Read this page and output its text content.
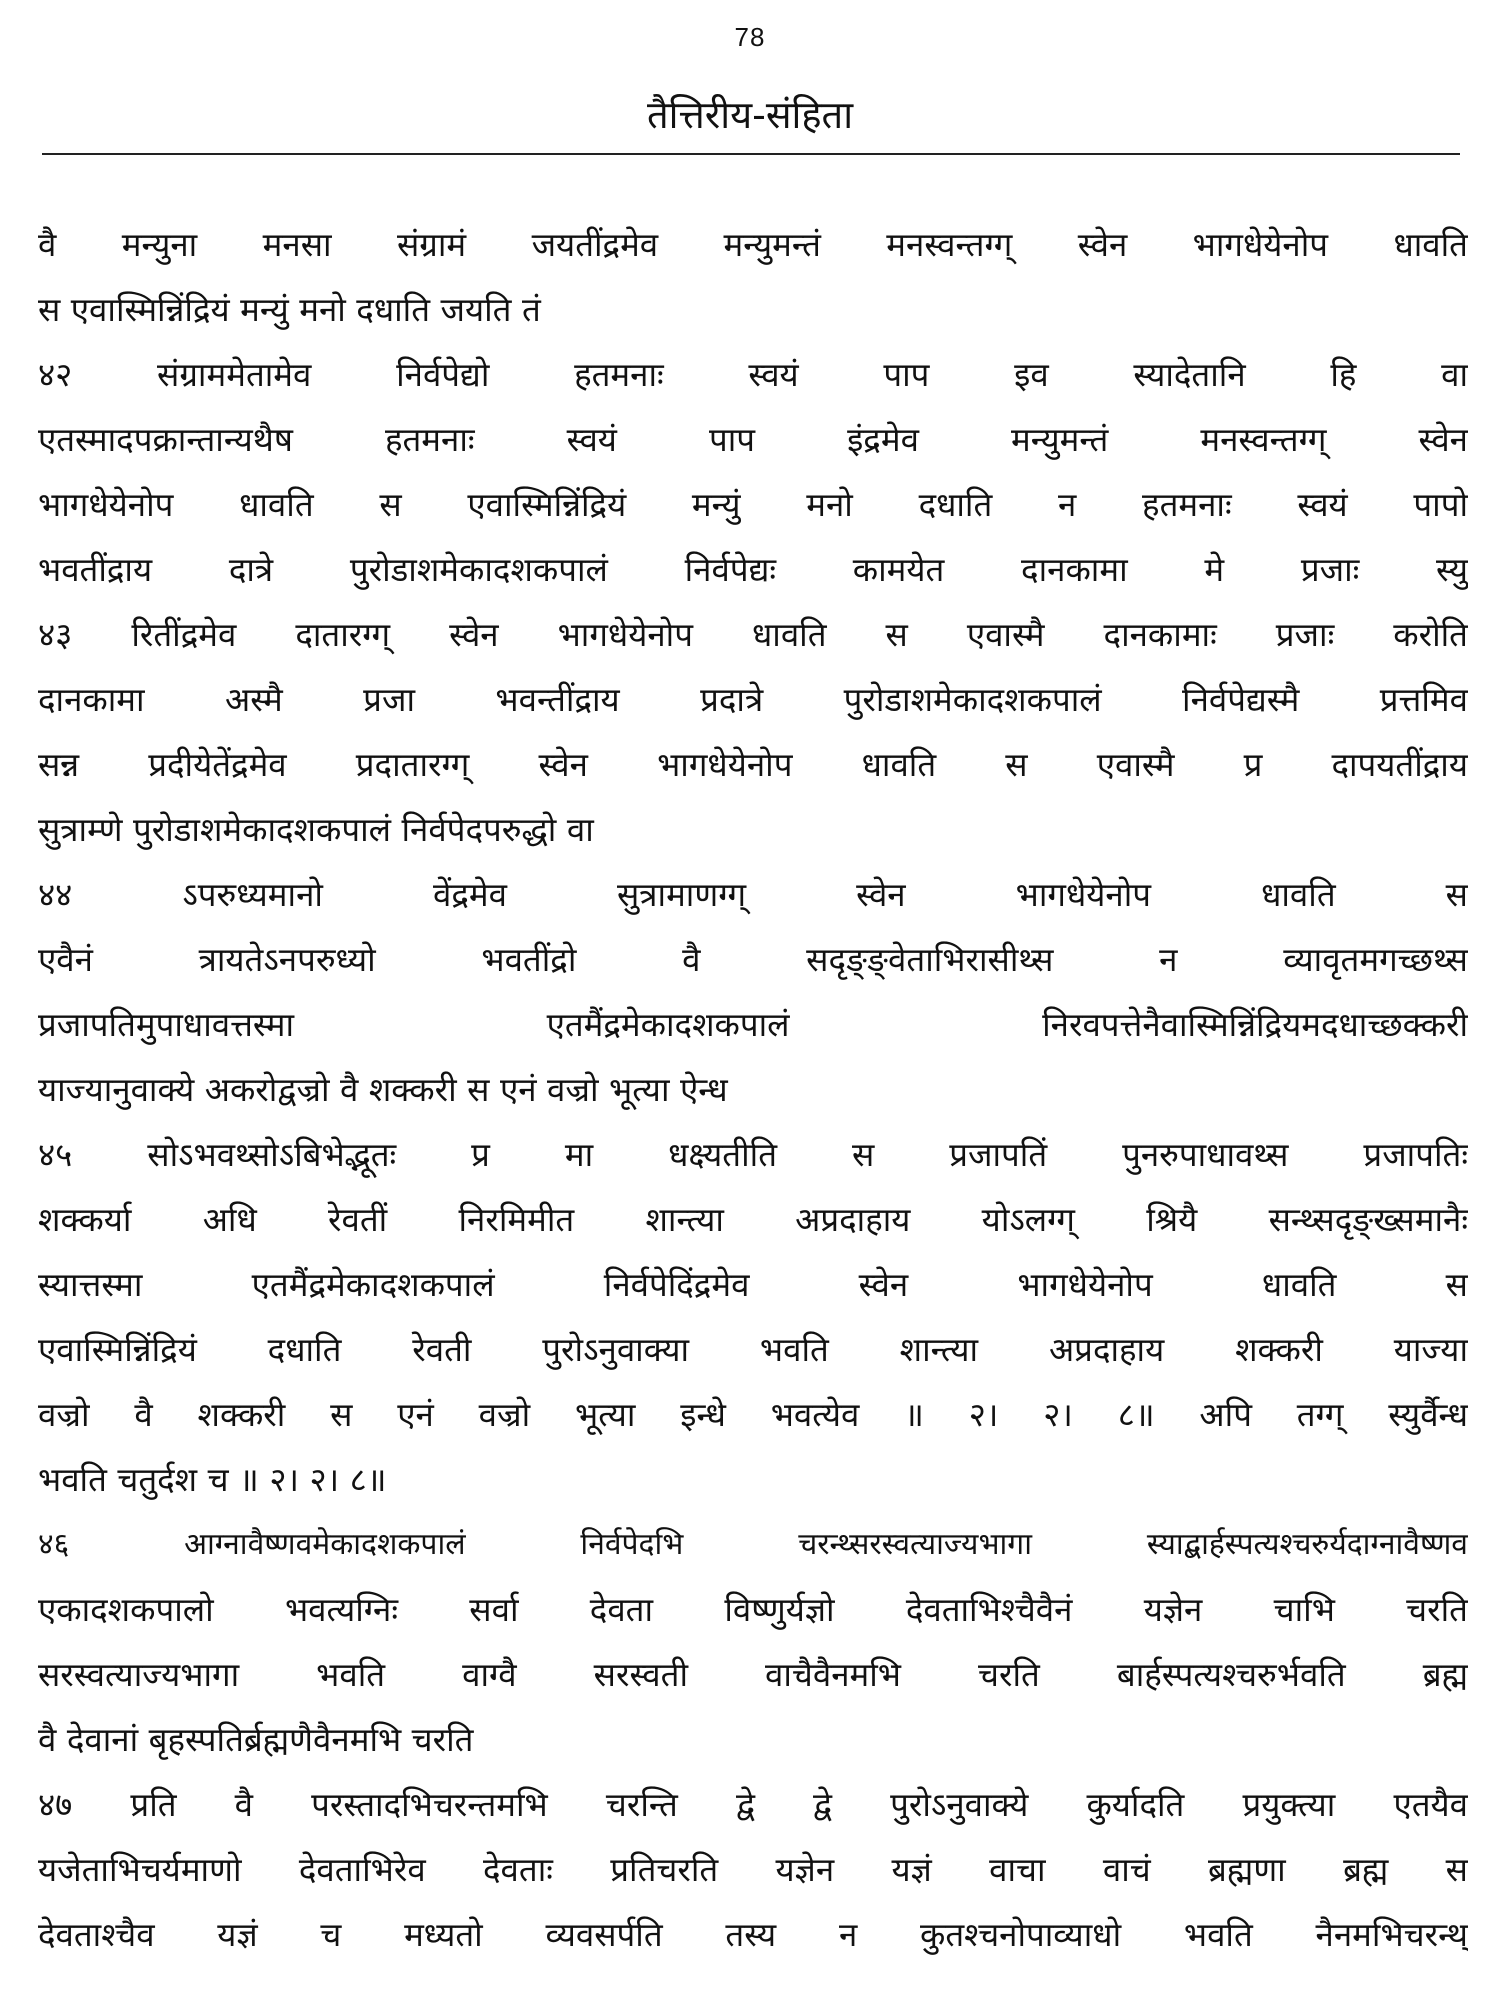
78
तैत्तिरीय-संहिता
वै मन्युना मनसा संग्रामं जयतींद्रमेव मन्युमन्तं मनस्वन्तग्ग् स्वेन भागधेयेनोप धावति
स एवास्मिन्निंद्रियं मन्युं मनो दधाति जयति तं
४२ संग्राममेतामेव निर्वपेद्यो हतमनाः स्वयं पाप इव स्यादेतानि हि वा
एतस्मादपक्रान्तान्यथैष हतमनाः स्वयं पाप इंद्रमेव मन्युमन्तं मनस्वन्तग्ग् स्वेन
भागधेयेनोप धावति स एवास्मिन्निंद्रियं मन्युं मनो दधाति न हतमनाः स्वयं पापो
भवतींद्राय दात्रे पुरोडाशमेकादशकपालं निर्वपेद्यः कामयेत दानकामा मे प्रजाः स्यु
४३ रितींद्रमेव दातारग्ग् स्वेन भागधेयेनोप धावति स एवास्मै दानकामाः प्रजाः करोति
दानकामा अस्मै प्रजा भवन्तींद्राय प्रदात्रे पुरोडाशमेकादशकपालं निर्वपेद्यस्मै प्रत्तमिव
सन्न प्रदीयेतेंद्रमेव प्रदातारग्ग् स्वेन भागधेयेनोप धावति स एवास्मै प्र दापयतींद्राय
सुत्राम्णे पुरोडाशमेकादशकपालं निर्वपेदपरुद्धो वा
४४ ऽपरुध्यमानो वेंद्रमेव सुत्रामाणग्ग् स्वेन भागधेयेनोप धावति स
एवैनं त्रायतेऽनपरुध्यो भवतींद्रो वै सदृङ्ङ्वेताभिरासीथ्स न व्यावृतमगच्छथ्स
प्रजापतिमुपाधावत्तस्मा एतमैंद्रमेकादशकपालं निरवपत्तेनैवास्मिन्निंद्रियमदधाच्छक्करी
याज्यानुवाक्ये अकरोद्वज्रो वै शक्करी स एनं वज्रो भूत्या ऐन्ध
४५ सोऽभवथ्सोऽबिभेद्भूतः प्र मा धक्ष्यतीति स प्रजापतिं पुनरुपाधावथ्स प्रजापतिः
शक्कर्या अधि रेवतीं निरमिमीत शान्त्या अप्रदाहाय योऽलग्ग् श्रियै सन्थ्सदृङ्ख्समानैः
स्यात्तस्मा एतमैंद्रमेकादशकपालं निर्वपेदिंद्रमेव स्वेन भागधेयेनोप धावति स
एवास्मिन्निंद्रियं दधाति रेवती पुरोऽनुवाक्या भवति शान्त्या अप्रदाहाय शक्करी याज्या
वज्रो वै शक्करी स एनं वज्रो भूत्या इन्धे भवत्येव ॥ २। २। ८॥ अपि तग्ग् स्युर्वैन्ध
भवति चतुर्दश च ॥ २। २। ८॥
४६ आग्नावैष्णवमेकादशकपालं निर्वपेदभि चरन्थ्सरस्वत्याज्यभागा स्याद्बार्हस्पत्यश्चरुर्यदाग्नावैष्णव
एकादशकपालो भवत्यग्निः सर्वा देवता विष्णुर्यज्ञो देवताभिश्चैवैनं यज्ञेन चाभि चरति
सरस्वत्याज्यभागा भवति वाग्वै सरस्वती वाचैवैनमभि चरति बार्हस्पत्यश्चरुर्भवति ब्रह्म
वै देवानां बृहस्पतिर्ब्रह्मणैवैनमभि चरति
४७ प्रति वै परस्तादभिचरन्तमभि चरन्ति द्वे द्वे पुरोऽनुवाक्ये कुर्यादति प्रयुक्त्या एतयैव
यजेताभिचर्यमाणो देवताभिरेव देवताः प्रतिचरति यज्ञेन यज्ञं वाचा वाचं ब्रह्मणा ब्रह्म स
देवताश्चैव यज्ञं च मध्यतो व्यवसर्पति तस्य न कुतश्चनोपाव्याधो भवति नैनमभिचरन्थ्
